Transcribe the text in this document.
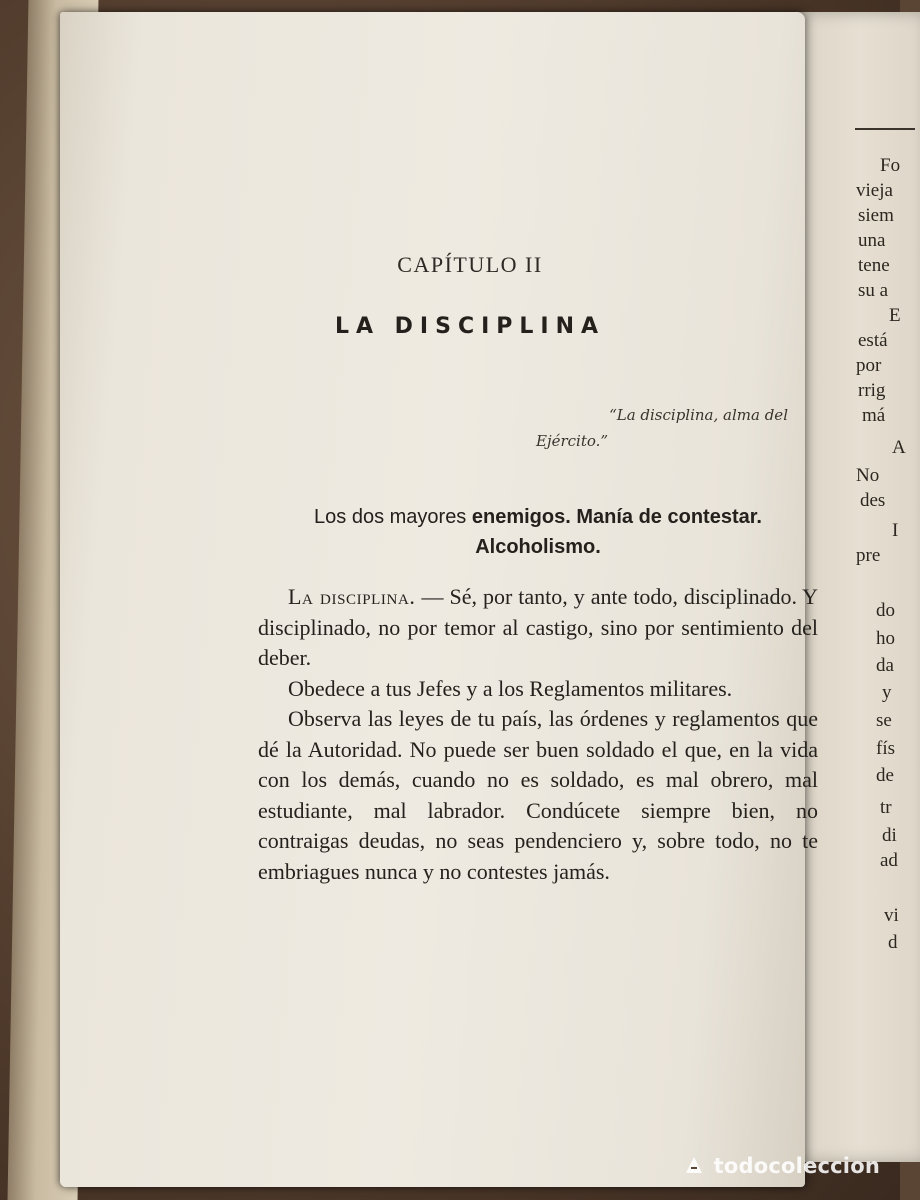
Fo
vieja
siem
una
tene
su a
E
está
por
rrig
má
A
No
des
I
pre
do
ho
da
y
se
fís
de
tr
di
ad
vi
d
CAPÍTULO II
LA DISCIPLINA
“La disciplina, alma del
Ejército.”
Los dos mayores enemigos. Manía de contestar.
Alcoholismo.

La disciplina. — Sé, por tanto, y ante todo, disciplinado. Y disciplinado, no por temor al castigo, sino por sentimiento del deber.

Obedece a tus Jefes y a los Reglamentos militares.

Observa las leyes de tu país, las órdenes y reglamentos que dé la Autoridad. No puede ser buen soldado el que, en la vida con los demás, cuando no es soldado, es mal obrero, mal estudiante, mal labrador. Condúcete siempre bien, no contraigas deudas, no seas pendenciero y, sobre todo, no te embriagues nunca y no contestes jamás.

todocoleccion
